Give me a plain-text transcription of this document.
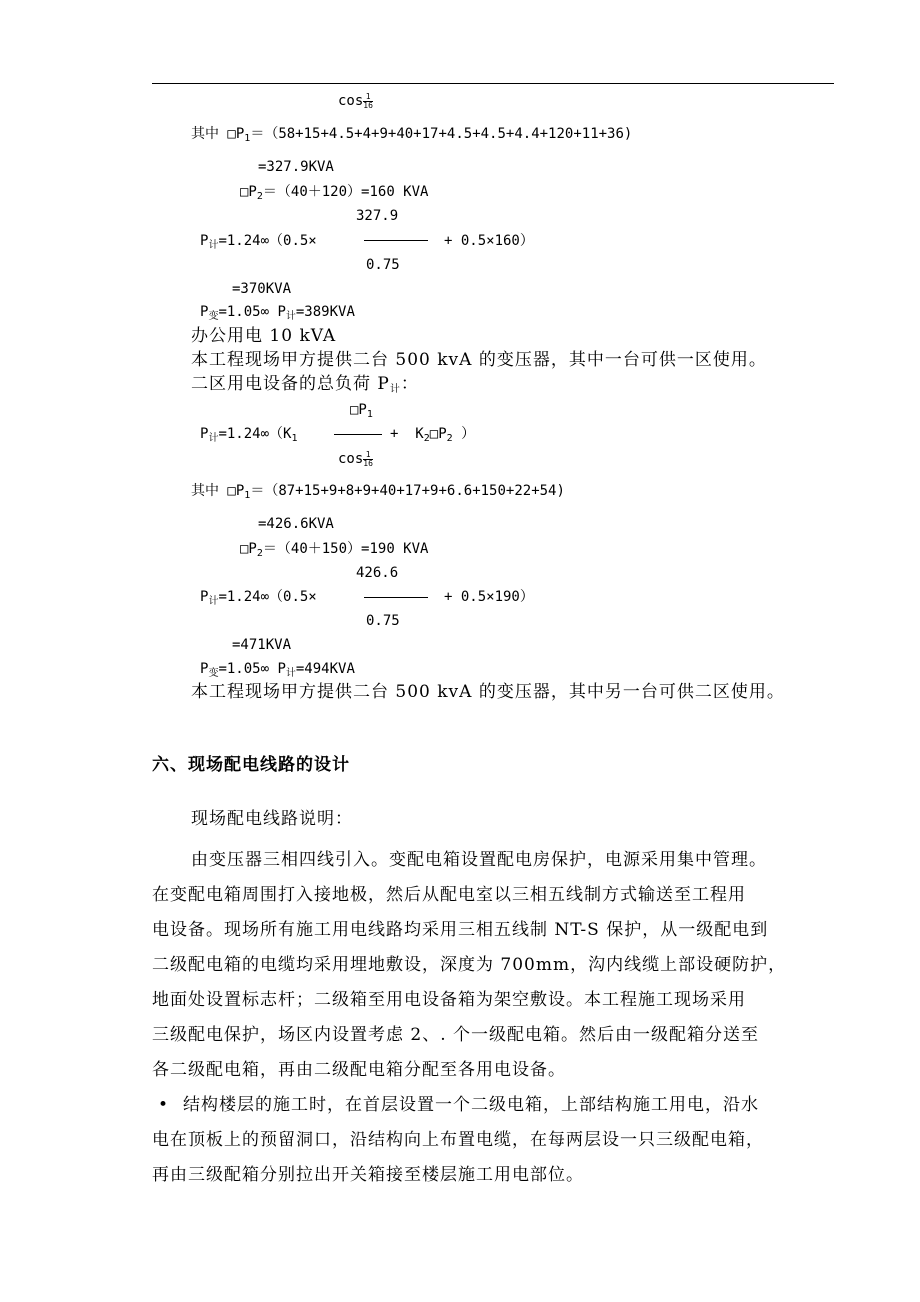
$\cos \frac{1}{16}$
其中 $□P_1=(58+15+4.5+4+9+40+17+4.5+4.5+4.4+120+11+36)$
=327.9KVA
$□P_2=(40+120)=160$ KVA
327.9
$P_计=1.24\infty(0.5\times$	+ 0.5×160）
0.75
=370KVA
$P_变=1.05\infty$ $P_计=389KVA$
办公用电 10 kVA
本工程现场甲方提供二台 500 kvA 的变压器，其中一台可供一区使用。
二区用电设备的总负荷 $P_计$：
$□P_1$
$P_计=1.24\infty(K_1$	+ $K_2□P_2$ ）
$\cos \frac{1}{16}$
其中 $□P_1=(87+15+9+8+9+40+17+9+6.6+150+22+54)$
=426.6KVA
$□P_2=(40+150)=190$ KVA
426.6
$P_计=1.24\infty(0.5\times$	+ 0.5×190）
0.75
=471KVA
$P_变=1.05\infty$ $P_计=494KVA$
本工程现场甲方提供二台 500 kvA 的变压器，其中另一台可供二区使用。
六、现场配电线路的设计
现场配电线路说明：
由变压器三相四线引入。变配电箱设置配电房保护，电源采用集中管理。
在变配电箱周围打入接地极，然后从配电室以三相五线制方式输送至工程用
电设备。现场所有施工用电线路均采用三相五线制 NT-S 保护，从一级配电到
二级配电箱的电缆均采用埋地敷设，深度为 700mm，沟内线缆上部设硬防护，
地面处设置标志杆；二级箱至用电设备箱为架空敷设。本工程施工现场采用
三级配电保护，场区内设置考虑 2、. 个一级配电箱。然后由一级配箱分送至
各二级配电箱，再由二级配电箱分配至各用电设备。
• 结构楼层的施工时，在首层设置一个二级电箱，上部结构施工用电，沿水
电在顶板上的预留洞口，沿结构向上布置电缆，在每两层设一只三级配电箱，
再由三级配箱分别拉出开关箱接至楼层施工用电部位。
